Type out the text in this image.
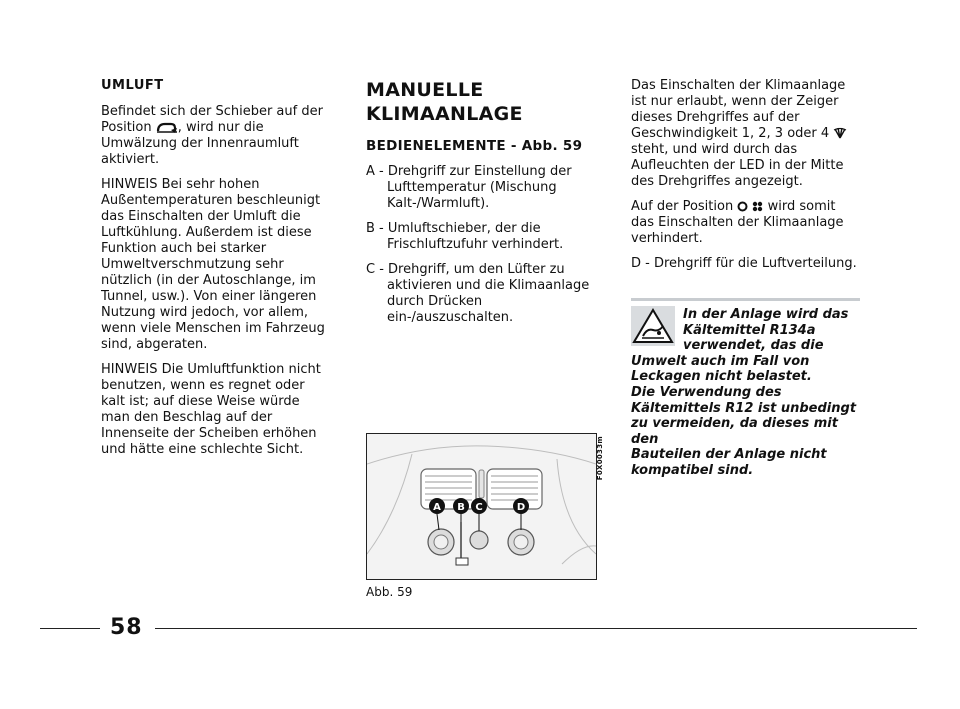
UMLUFT

Befindet sich der Schieber auf der Position , wird nur die Umwälzung der Innenraumluft aktiviert.

HINWEIS Bei sehr hohen Außentemperaturen beschleunigt das Einschalten der Umluft die Luftkühlung. Außerdem ist diese Funktion auch bei starker Umweltverschmutzung sehr nützlich (in der Autoschlange, im Tunnel, usw.). Von einer längeren Nutzung wird jedoch, vor allem, wenn viele Menschen im Fahrzeug sind, abgeraten.

HINWEIS Die Umluftfunktion nicht benutzen, wenn es regnet oder kalt ist; auf diese Weise würde man den Beschlag auf der Innenseite der Scheiben erhöhen und hätte eine schlechte Sicht.

MANUELLE
KLIMAANLAGE
BEDIENELEMENTE - Abb. 59

A - Drehgriff zur Einstellung der Lufttemperatur (Mischung Kalt-/Warmluft).

B - Umluftschieber, der die Frischluftzufuhr verhindert.

C - Drehgriff, um den Lüfter zu aktivieren und die Klimaanlage durch Drücken ein-/auszuschalten.

Das Einschalten der Klimaanlage ist nur erlaubt, wenn der Zeiger dieses Drehgriffes auf der Geschwindigkeit 1, 2, 3 oder 4  steht, und wird durch das Aufleuchten der LED in der Mitte des Drehgriffes angezeigt.

Auf der Position	wird somit das Einschalten der Klimaanlage verhindert.

D - Drehgriff für die Luftverteilung.

In der Anlage wird das
Kältemittel R134a
verwendet, das die
Umwelt auch im Fall von
Leckagen nicht belastet.
Die Verwendung des
Kältemittels R12 ist unbedingt
zu vermeiden, da dieses mit den
Bauteilen der Anlage nicht
kompatibel sind.
A B C	D
F0X0033m
Abb. 59
58
